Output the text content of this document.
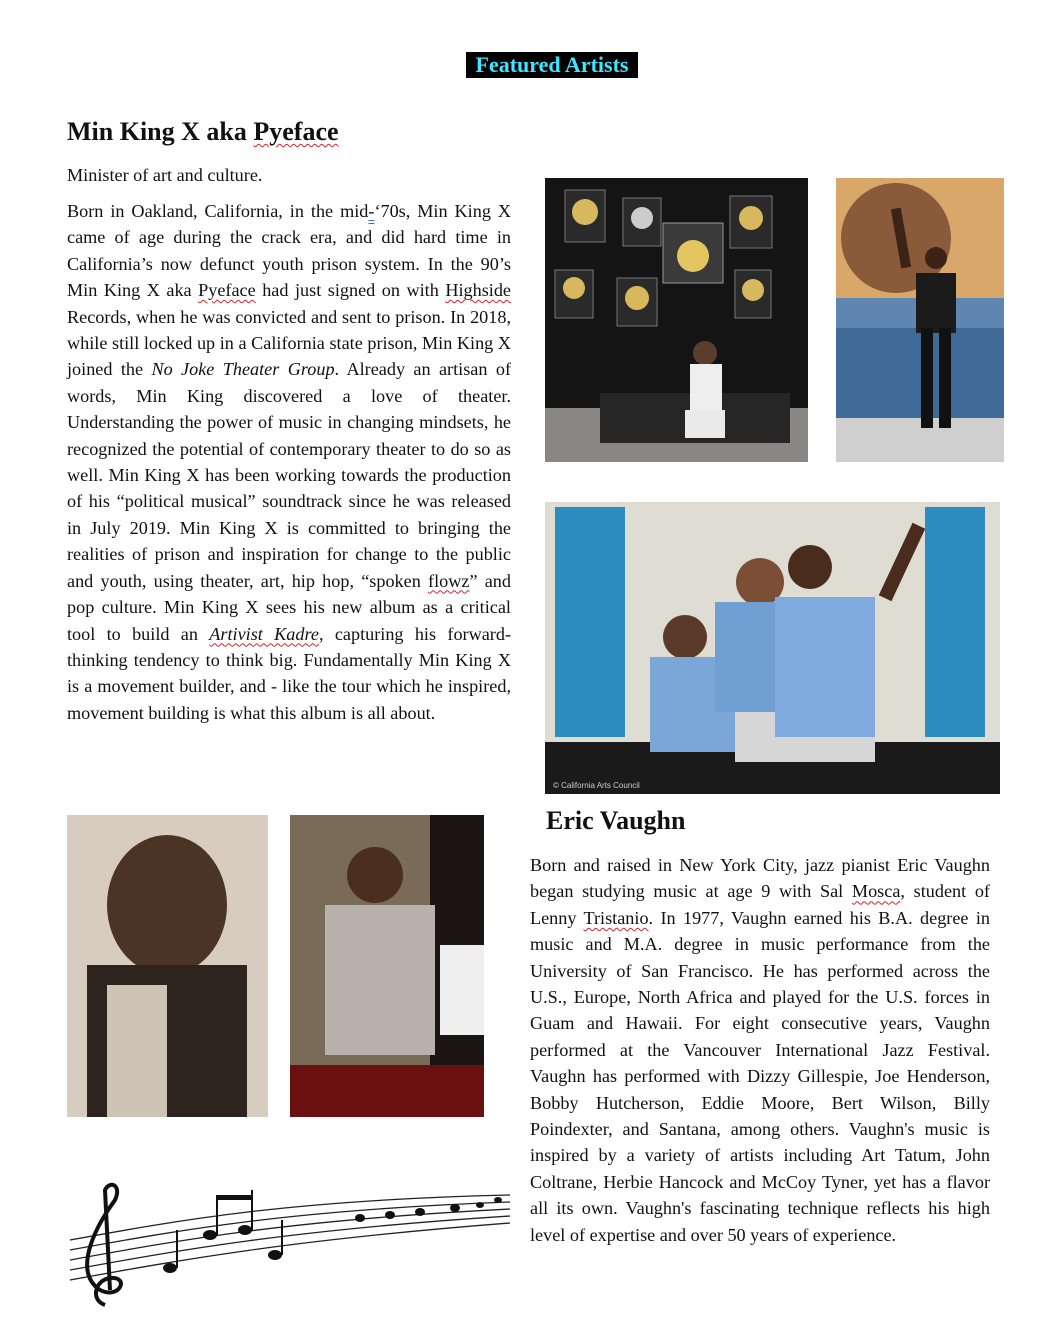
Featured Artists
Min King X aka Pyeface
Minister of art and culture.

Born in Oakland, California, in the mid-‘70s, Min King X came of age during the crack era, and did hard time in California’s now defunct youth prison system. In the 90’s Min King X aka Pyeface had just signed on with Highside Records, when he was convicted and sent to prison. In 2018, while still locked up in a California state prison, Min King X joined the No Joke Theater Group. Already an artisan of words, Min King discovered a love of theater. Understanding the power of music in changing mindsets, he recognized the potential of contemporary theater to do so as well. Min King X has been working towards the production of his “political musical” soundtrack since he was released in July 2019. Min King X is committed to bringing the realities of prison and inspiration for change to the public and youth, using theater, art, hip hop, “spoken flowz” and pop culture. Min King X sees his new album as a critical tool to build an Artivist Kadre, capturing his forward-thinking tendency to think big. Fundamentally Min King X is a movement builder, and - like the tour which he inspired, movement building is what this album is all about.

© California Arts Council
Eric Vaughn

Born and raised in New York City, jazz pianist Eric Vaughn began studying music at age 9 with Sal Mosca, student of Lenny Tristanio. In 1977, Vaughn earned his B.A. degree in music and M.A. degree in music performance from the University of San Francisco. He has performed across the U.S., Europe, North Africa and played for the U.S. forces in Guam and Hawaii. For eight consecutive years, Vaughn performed at the Vancouver International Jazz Festival. Vaughn has performed with Dizzy Gillespie, Joe Henderson, Bobby Hutcherson, Eddie Moore, Bert Wilson, Billy Poindexter, and Santana, among others. Vaughn's music is inspired by a variety of artists including Art Tatum, John Coltrane, Herbie Hancock and McCoy Tyner, yet has a flavor all its own. Vaughn's fascinating technique reflects his high level of expertise and over 50 years of experience.
